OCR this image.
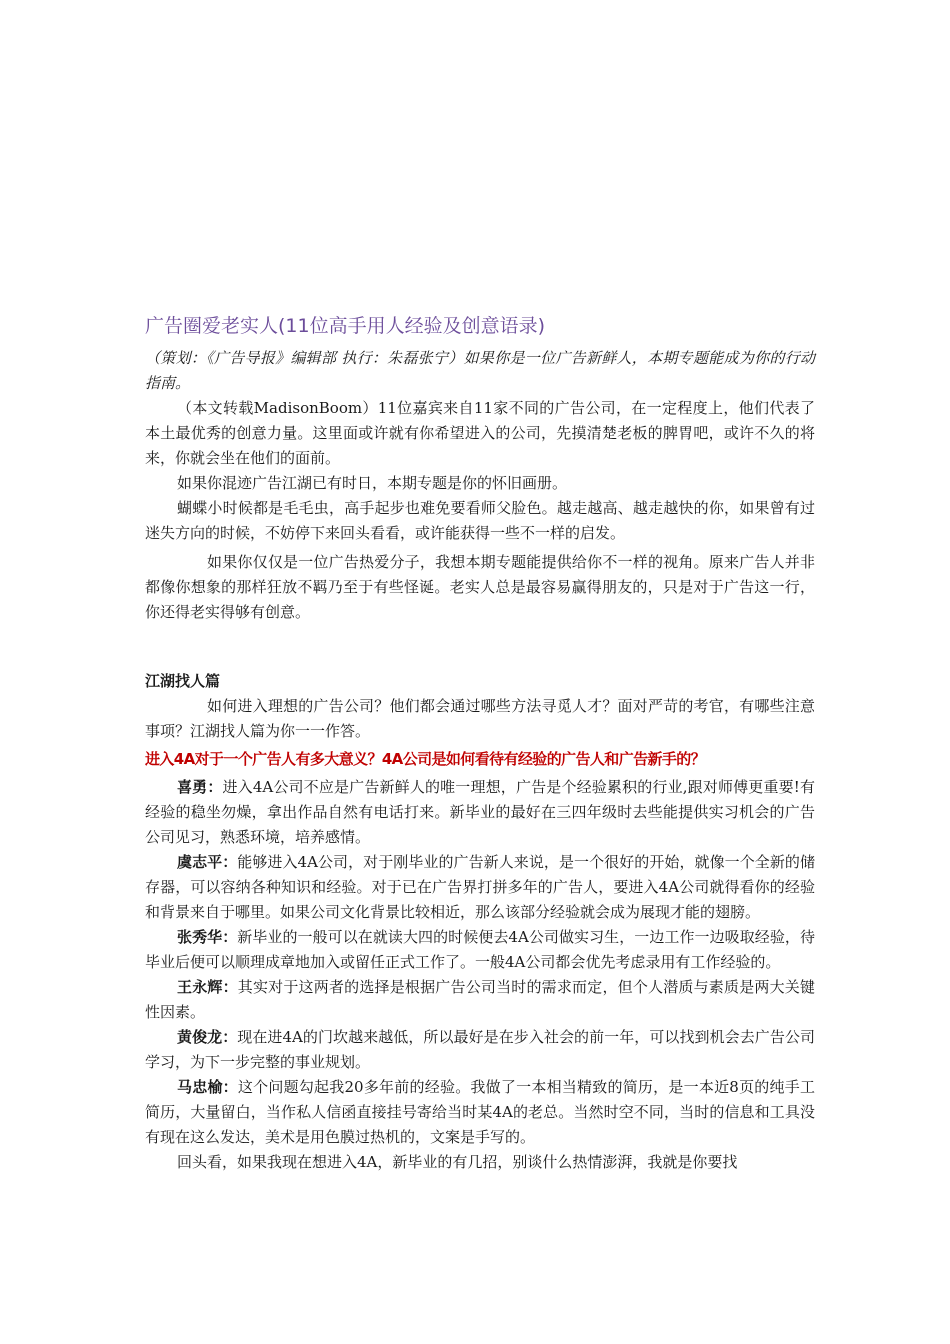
广告圈爱老实人(11位高手用人经验及创意语录)

（策划：《广告导报》编辑部 执行：朱磊张宁）如果你是一位广告新鲜人，本期专题能成为你的行动指南。

（本文转载MadisonBoom）11位嘉宾来自11家不同的广告公司，在一定程度上，他们代表了本土最优秀的创意力量。这里面或许就有你希望进入的公司，先摸清楚老板的脾胃吧，或许不久的将来，你就会坐在他们的面前。

如果你混迹广告江湖已有时日，本期专题是你的怀旧画册。

蝴蝶小时候都是毛毛虫，高手起步也难免要看师父脸色。越走越高、越走越快的你，如果曾有过迷失方向的时候，不妨停下来回头看看，或许能获得一些不一样的启发。

如果你仅仅是一位广告热爱分子，我想本期专题能提供给你不一样的视角。原来广告人并非都像你想象的那样狂放不羁乃至于有些怪诞。老实人总是最容易赢得朋友的，只是对于广告这一行，你还得老实得够有创意。

江湖找人篇

如何进入理想的广告公司？他们都会通过哪些方法寻觅人才？面对严苛的考官，有哪些注意事项？江湖找人篇为你一一作答。

进入4A对于一个广告人有多大意义？4A公司是如何看待有经验的广告人和广告新手的？

喜勇：进入4A公司不应是广告新鲜人的唯一理想，广告是个经验累积的行业,跟对师傅更重要!有经验的稳坐勿燥，拿出作品自然有电话打来。新毕业的最好在三四年级时去些能提供实习机会的广告公司见习，熟悉环境，培养感情。

虞志平：能够进入4A公司，对于刚毕业的广告新人来说，是一个很好的开始，就像一个全新的储存器，可以容纳各种知识和经验。对于已在广告界打拼多年的广告人，要进入4A公司就得看你的经验和背景来自于哪里。如果公司文化背景比较相近，那么该部分经验就会成为展现才能的翅膀。

张秀华：新毕业的一般可以在就读大四的时候便去4A公司做实习生，一边工作一边吸取经验，待毕业后便可以顺理成章地加入或留任正式工作了。一般4A公司都会优先考虑录用有工作经验的。

王永辉：其实对于这两者的选择是根据广告公司当时的需求而定，但个人潜质与素质是两大关键性因素。

黄俊龙：现在进4A的门坎越来越低，所以最好是在步入社会的前一年，可以找到机会去广告公司学习，为下一步完整的事业规划。

马忠榆：这个问题勾起我20多年前的经验。我做了一本相当精致的简历，是一本近8页的纯手工简历，大量留白，当作私人信函直接挂号寄给当时某4A的老总。当然时空不同，当时的信息和工具没有现在这么发达，美术是用色膜过热机的，文案是手写的。

回头看，如果我现在想进入4A，新毕业的有几招，别谈什么热情澎湃，我就是你要找
